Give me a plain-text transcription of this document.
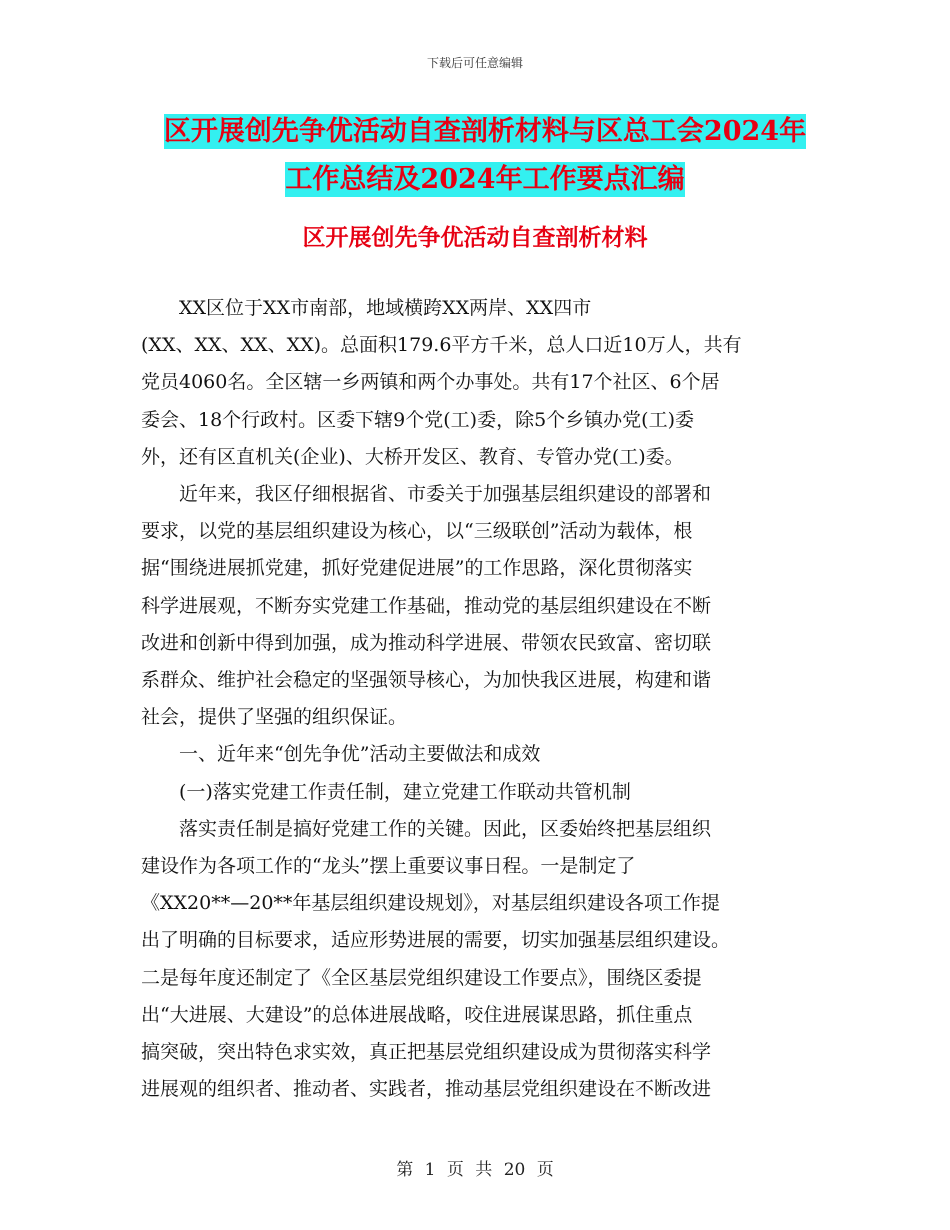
下载后可任意编辑
区开展创先争优活动自查剖析材料与区总工会2024年
工作总结及2024年工作要点汇编
区开展创先争优活动自查剖析材料

XX区位于XX市南部，地域横跨XX两岸、XX四市

(XX、XX、XX、XX)。总面积179.6平方千米，总人口近10万人，共有

党员4060名。全区辖一乡两镇和两个办事处。共有17个社区、6个居

委会、18个行政村。区委下辖9个党(工)委，除5个乡镇办党(工)委

外，还有区直机关(企业)、大桥开发区、教育、专管办党(工)委。

近年来，我区仔细根据省、市委关于加强基层组织建设的部署和

要求，以党的基层组织建设为核心，以“三级联创”活动为载体，根

据“围绕进展抓党建，抓好党建促进展”的工作思路，深化贯彻落实

科学进展观，不断夯实党建工作基础，推动党的基层组织建设在不断

改进和创新中得到加强，成为推动科学进展、带领农民致富、密切联

系群众、维护社会稳定的坚强领导核心，为加快我区进展，构建和谐

社会，提供了坚强的组织保证。

一、近年来“创先争优”活动主要做法和成效

(一)落实党建工作责任制，建立党建工作联动共管机制

落实责任制是搞好党建工作的关键。因此，区委始终把基层组织

建设作为各项工作的“龙头”摆上重要议事日程。一是制定了

《XX20**—20**年基层组织建设规划》，对基层组织建设各项工作提

出了明确的目标要求，适应形势进展的需要，切实加强基层组织建设。

二是每年度还制定了《全区基层党组织建设工作要点》，围绕区委提

出“大进展、大建设”的总体进展战略，咬住进展谋思路，抓住重点

搞突破，突出特色求实效，真正把基层党组织建设成为贯彻落实科学

进展观的组织者、推动者、实践者，推动基层党组织建设在不断改进

第 1 页 共 20 页
